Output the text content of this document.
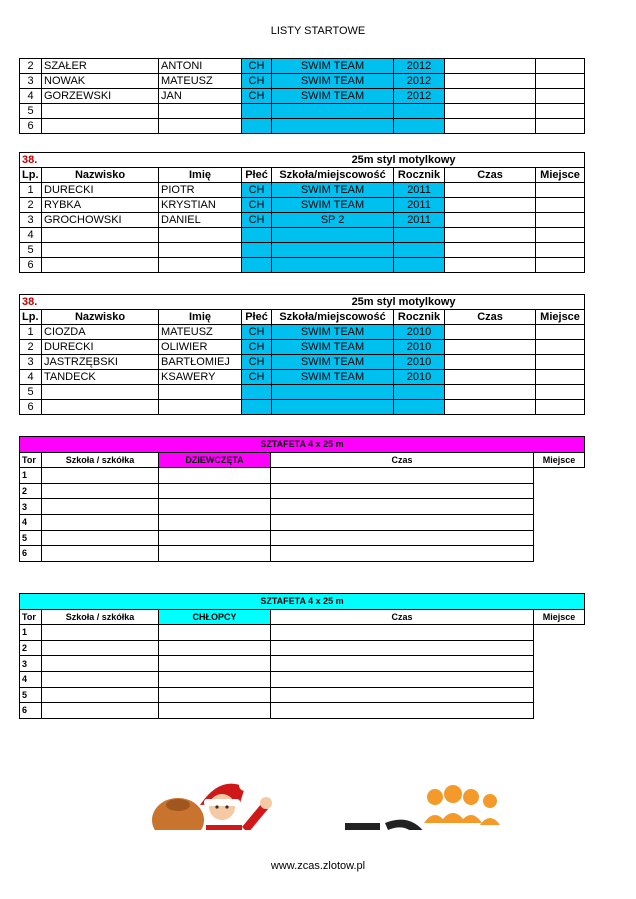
LISTY STARTOWE
2	SZAŁER	ANTONI	CH	SWIM TEAM	2012		
3	NOWAK	MATEUSZ	CH	SWIM TEAM	2012		
4	GORZEWSKI	JAN	CH	SWIM TEAM	2012		
5							
6							
38.				25m styl motylkowy			
Lp.	Nazwisko	Imię	Płeć	Szkoła/miejscowość	Rocznik	Czas	Miejsce
1	DURECKI	PIOTR	CH	SWIM TEAM	2011		
2	RYBKA	KRYSTIAN	CH	SWIM TEAM	2011		
3	GROCHOWSKI	DANIEL	CH	SP 2	2011		
4							
5							
6							
38.				25m styl motylkowy			
Lp.	Nazwisko	Imię	Płeć	Szkoła/miejscowość	Rocznik	Czas	Miejsce
1	CIOZDA	MATEUSZ	CH	SWIM TEAM	2010		
2	DURECKI	OLIWIER	CH	SWIM TEAM	2010		
3	JASTRZĘBSKI	BARTŁOMIEJ	CH	SWIM TEAM	2010		
4	TANDECK	KSAWERY	CH	SWIM TEAM	2010		
5							
6							
SZTAFETA 4 x 25 m				
Tor	Szkoła / szkółka	DZIEWCZĘTA	Czas	Miejsce
1				
2				
3				
4				
5				
6				
SZTAFETA 4 x 25 m				
Tor	Szkoła / szkółka	CHŁOPCY	Czas	Miejsce
1				
2				
3				
4				
5				
6				
www.zcas.zlotow.pl
